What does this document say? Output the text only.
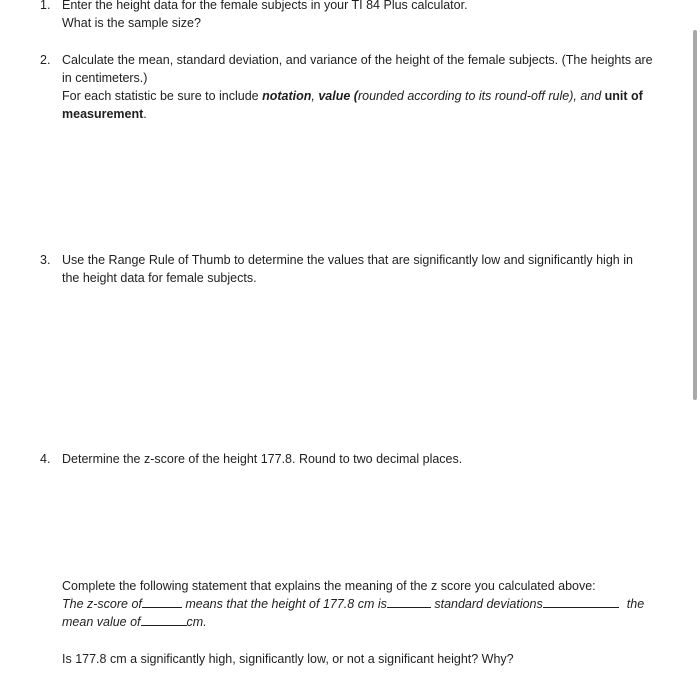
1. Enter the height data for the female subjects in your TI 84 Plus calculator.
What is the sample size?
2. Calculate the mean, standard deviation, and variance of the height of the female subjects. (The heights are
in centimeters.)
For each statistic be sure to include notation, value (rounded according to its round-off rule), and unit of
measurement.
3. Use the Range Rule of Thumb to determine the values that are significantly low and significantly high in
the height data for female subjects.
4. Determine the z-score of the height 177.8. Round to two decimal places.
Complete the following statement that explains the meaning of the z score you calculated above:
The z-score of	means that the height of 177.8 cm is	standard deviations	the
mean value of	cm.
Is 177.8 cm a significantly high, significantly low, or not a significant height? Why?
